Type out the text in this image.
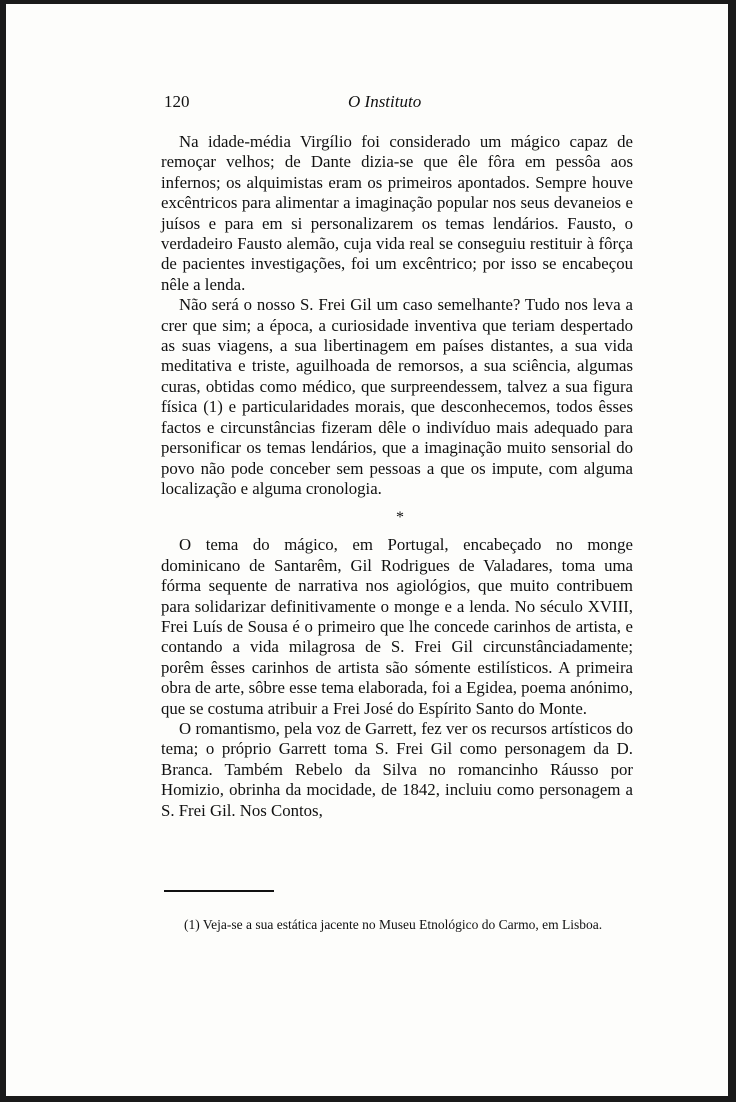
120	O Instituto

Na idade-média Virgílio foi considerado um mágico capaz de remoçar velhos; de Dante dizia-se que êle fôra em pessôa aos infernos; os alquimistas eram os primeiros apontados. Sempre houve excêntricos para alimentar a imaginação popular nos seus devaneios e juísos e para em si personalizarem os temas lendários. Fausto, o verdadeiro Fausto alemão, cuja vida real se conseguiu restituir à fôrça de pacientes investigações, foi um excêntrico; por isso se encabeçou nêle a lenda.

Não será o nosso S. Frei Gil um caso semelhante? Tudo nos leva a crer que sim; a época, a curiosidade inventiva que teriam despertado as suas viagens, a sua libertinagem em países distantes, a sua vida meditativa e triste, aguilhoada de remorsos, a sua sciência, algumas curas, obtidas como médico, que surpreendessem, talvez a sua figura física (1) e particularidades morais, que desconhecemos, todos êsses factos e circunstâncias fizeram dêle o indivíduo mais adequado para personificar os temas lendários, que a imaginação muito sensorial do povo não pode conceber sem pessoas a que os impute, com alguma localização e alguma cronologia.

*

O tema do mágico, em Portugal, encabeçado no monge dominicano de Santarêm, Gil Rodrigues de Valadares, toma uma fórma sequente de narrativa nos agiológios, que muito contribuem para solidarizar definitivamente o monge e a lenda. No século XVIII, Frei Luís de Sousa é o primeiro que lhe concede carinhos de artista, e contando a vida milagrosa de S. Frei Gil circunstânciadamente; porêm êsses carinhos de artista são sómente estilísticos. A primeira obra de arte, sôbre esse tema elaborada, foi a Egidea, poema anónimo, que se costuma atribuir a Frei José do Espírito Santo do Monte.

O romantismo, pela voz de Garrett, fez ver os recursos artísticos do tema; o próprio Garrett toma S. Frei Gil como personagem da D. Branca. Também Rebelo da Silva no romancinho Ráusso por Homizio, obrinha da mocidade, de 1842, incluiu como personagem a S. Frei Gil. Nos Contos,

(1) Veja-se a sua estática jacente no Museu Etnológico do Carmo, em Lisboa.
